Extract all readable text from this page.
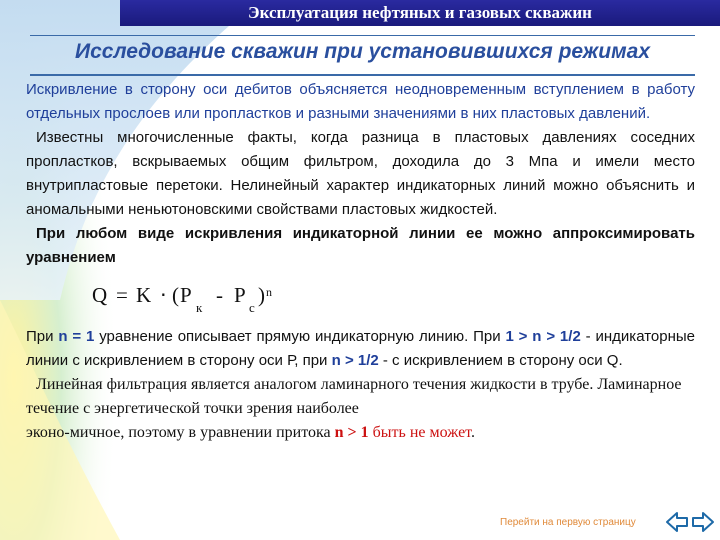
Эксплуатация нефтяных и газовых скважин
Исследование скважин при установившихся режимах

Искривление в сторону оси дебитов объясняется неодновременным вступлением в работу отдельных прослоев или пропластков и разными значениями в них пластовых давлений.

Известны многочисленные факты, когда разница в пластовых давлениях соседних пропластков, вскрываемых общим фильтром, доходила до 3 Мпа и имели место внутрипластовые перетоки. Нелинейный характер индикаторных линий можно объяснить и аномальными неньютоновскими свойствами пластовых жидкостей.

При любом виде искривления индикаторной линии ее можно аппроксимировать уравнением

Q = K ⋅ ( P
к
- P
c
) n

При n = 1 уравнение описывает прямую индикаторную линию. При 1 > n > 1/2 - индикаторные линии с искривлением в сторону оси Р, при n > 1/2 - с искривлением в сторону оси Q.

Линейная фильтрация является аналогом ламинарного течения жидкости в трубе. Ламинарное течение с энергетической точки зрения наиболее
эконо-мичное, поэтому в уравнении притока n > 1 быть не может.
Перейти на первую страницу
